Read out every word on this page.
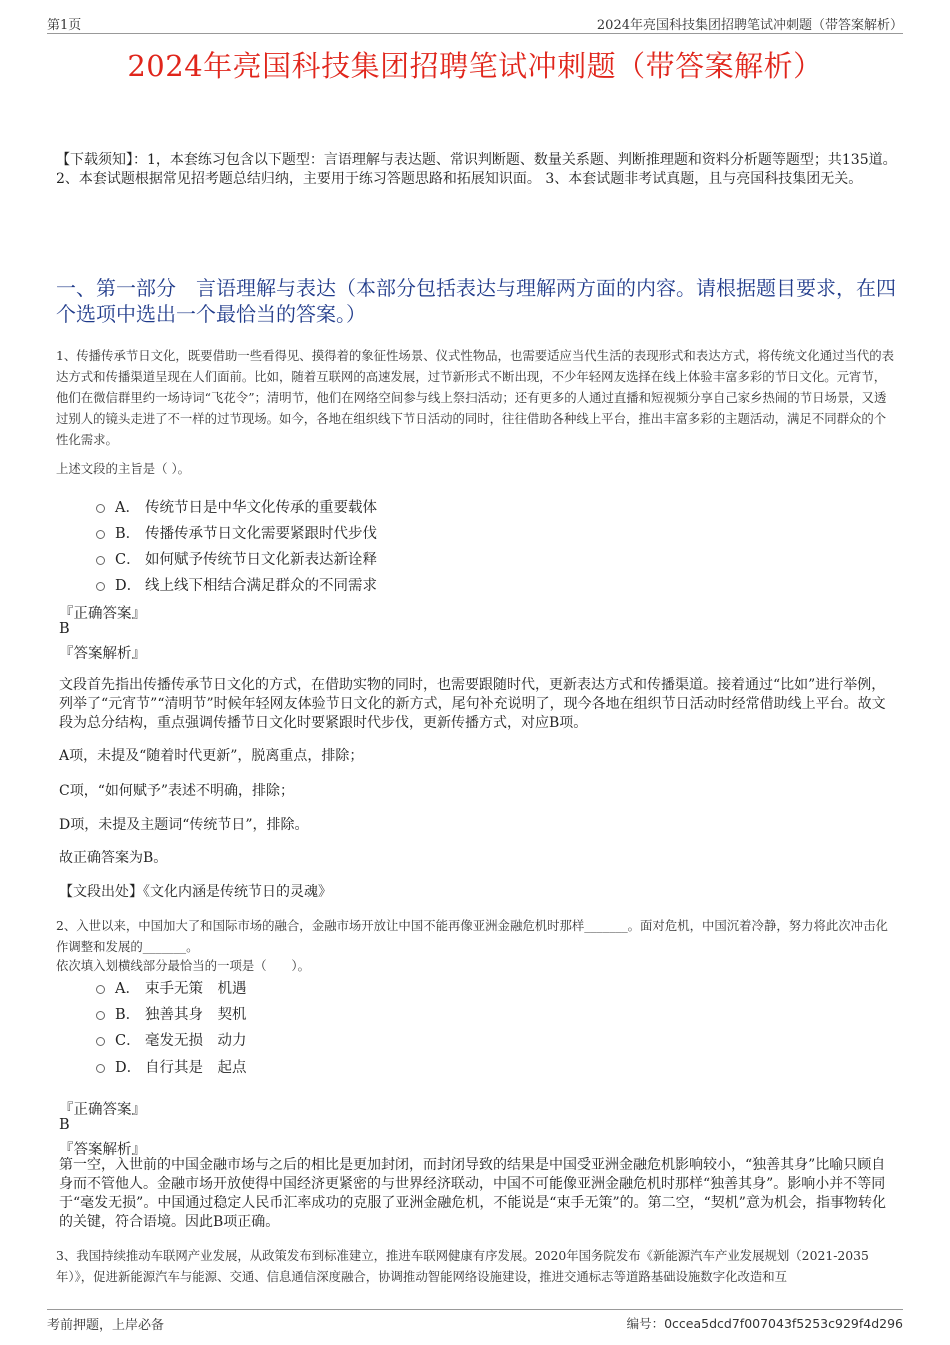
第1页	2024年亮国科技集团招聘笔试冲刺题（带答案解析）
2024年亮国科技集团招聘笔试冲刺题（带答案解析）
【下载须知】：1，本套练习包含以下题型：言语理解与表达题、常识判断题、数量关系题、判断推理题和资料分析题等题型；共135道。 2、本套试题根据常见招考题总结归纳，主要用于练习答题思路和拓展知识面。 3、本套试题非考试真题，且与亮国科技集团无关。
一、第一部分　言语理解与表达（本部分包括表达与理解两方面的内容。请根据题目要求，在四个选项中选出一个最恰当的答案。）
1、传播传承节日文化，既要借助一些看得见、摸得着的象征性场景、仪式性物品，也需要适应当代生活的表现形式和表达方式，将传统文化通过当代的表达方式和传播渠道呈现在人们面前。比如，随着互联网的高速发展，过节新形式不断出现，不少年轻网友选择在线上体验丰富多彩的节日文化。元宵节，他们在微信群里约一场诗词“飞花令”；清明节，他们在网络空间参与线上祭扫活动；还有更多的人通过直播和短视频分享自己家乡热闹的节日场景，又透过别人的镜头走进了不一样的过节现场。如今，各地在组织线下节日活动的同时，往往借助各种线上平台，推出丰富多彩的主题活动，满足不同群众的个性化需求。
上述文段的主旨是（ ）。
A． 传统节日是中华文化传承的重要载体
B． 传播传承节日文化需要紧跟时代步伐
C． 如何赋予传统节日文化新表达新诠释
D． 线上线下相结合满足群众的不同需求
『正确答案』
B
『答案解析』
文段首先指出传播传承节日文化的方式，在借助实物的同时，也需要跟随时代，更新表达方式和传播渠道。接着通过“比如”进行举例，列举了“元宵节”“清明节”时候年轻网友体验节日文化的新方式，尾句补充说明了，现今各地在组织节日活动时经常借助线上平台。故文段为总分结构，重点强调传播节日文化时要紧跟时代步伐，更新传播方式，对应B项。
A项，未提及“随着时代更新”，脱离重点，排除；
C项，“如何赋予”表述不明确，排除；
D项，未提及主题词“传统节日”，排除。
故正确答案为B。
【文段出处】《文化内涵是传统节日的灵魂》
2、入世以来，中国加大了和国际市场的融合，金融市场开放让中国不能再像亚洲金融危机时那样_______。面对危机，中国沉着冷静，努力将此次冲击化作调整和发展的_______。
依次填入划横线部分最恰当的一项是（　　）。
A． 束手无策　机遇
B． 独善其身　契机
C． 毫发无损　动力
D． 自行其是　起点
『正确答案』
B
『答案解析』
第一空，入世前的中国金融市场与之后的相比是更加封闭，而封闭导致的结果是中国受亚洲金融危机影响较小，“独善其身”比喻只顾自身而不管他人。金融市场开放使得中国经济更紧密的与世界经济联动，中国不可能像亚洲金融危机时那样“独善其身”。影响小并不等同于“毫发无损”。中国通过稳定人民币汇率成功的克服了亚洲金融危机，不能说是“束手无策”的。第二空，“契机”意为机会，指事物转化的关键，符合语境。因此B项正确。
3、我国持续推动车联网产业发展，从政策发布到标准建立，推进车联网健康有序发展。2020年国务院发布《新能源汽车产业发展规划（2021-2035年）》，促进新能源汽车与能源、交通、信息通信深度融合，协调推动智能网络设施建设，推进交通标志等道路基础设施数字化改造和互
考前押题，上岸必备	编号：0ccea5dcd7f007043f5253c929f4d296
